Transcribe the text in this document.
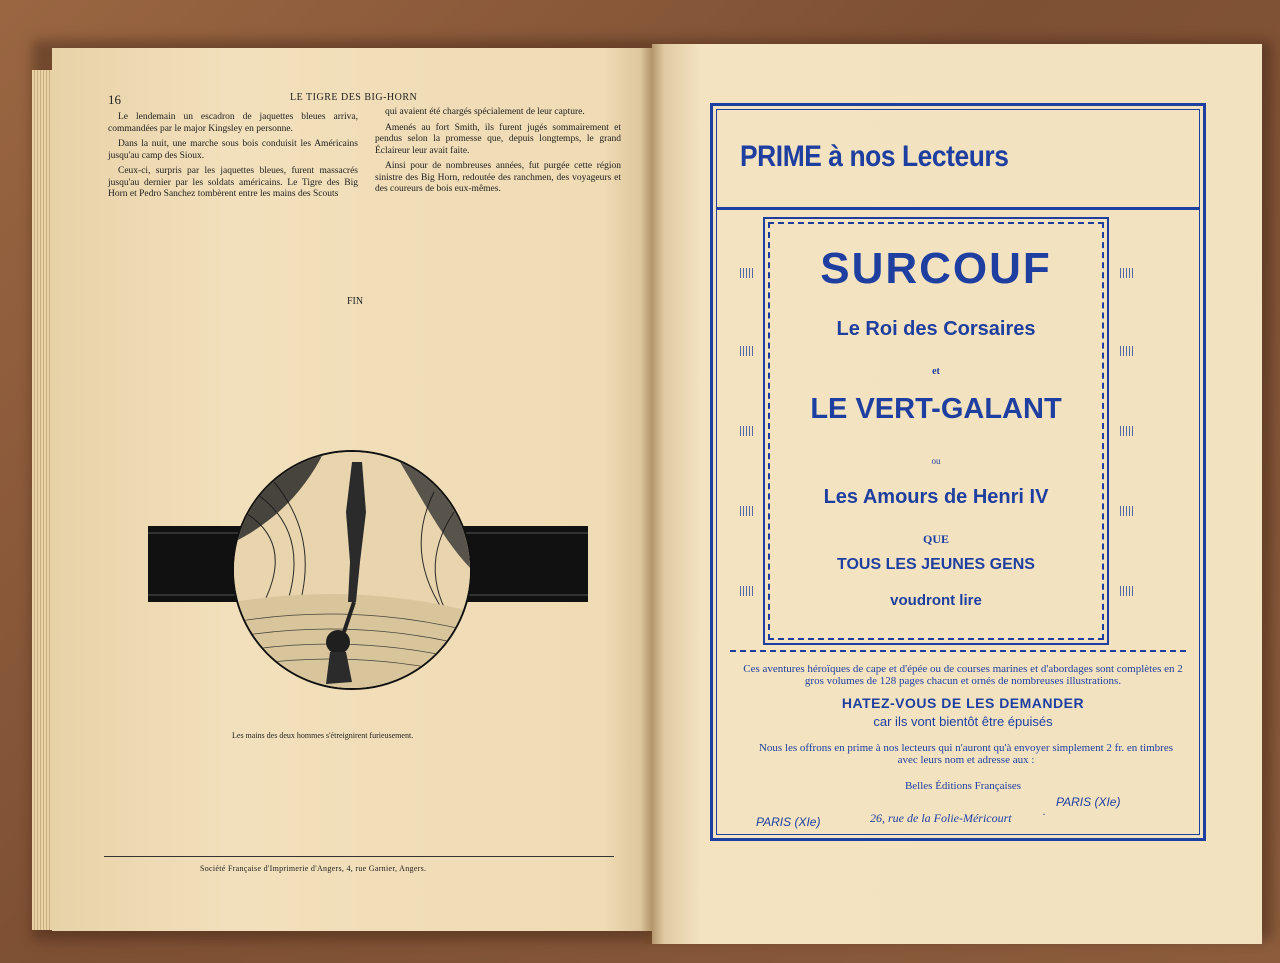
16	LE TIGRE DES BIG-HORN

Le lendemain un escadron de jaquettes bleues arriva, commandées par le major Kingsley en personne.

Dans la nuit, une marche sous bois conduisit les Américains jusqu'au camp des Sioux.

Ceux-ci, surpris par les jaquettes bleues, furent massacrés jusqu'au dernier par les soldats américains. Le Tigre des Big Horn et Pedro Sanchez tombèrent entre les mains des Scouts

qui avaient été chargés spécialement de leur capture.

Amenés au fort Smith, ils furent jugés sommairement et pendus selon la promesse que, depuis longtemps, le grand Éclaireur leur avait faite.

Ainsi pour de nombreuses années, fut purgée cette région sinistre des Big Horn, redoutée des ranchmen, des voyageurs et des coureurs de bois eux-mêmes.

FIN
Les mains des deux hommes s'étreignirent furieusement.
Société Française d'Imprimerie d'Angers, 4, rue Garnier, Angers.
PRIME à nos Lecteurs
SURCOUF
Le Roi des Corsaires
et
LE VERT-GALANT
ou
Les Amours de Henri IV
QUE
TOUS LES JEUNES GENS
voudront lire
Ces aventures héroïques de cape et d'épée ou de courses marines et d'abordages sont complètes en 2 gros volumes de 128 pages chacun et ornés de nombreuses illustrations.
HATEZ-VOUS DE LES DEMANDER
car ils vont bientôt être épuisés
Nous les offrons en prime à nos lecteurs qui n'auront qu'à envoyer simplement 2 fr. en timbres avec leurs nom et adresse aux :
Belles Éditions Françaises
PARIS (XIe)	26, rue de la Folie-Méricourt	·
PARIS (XIe)
